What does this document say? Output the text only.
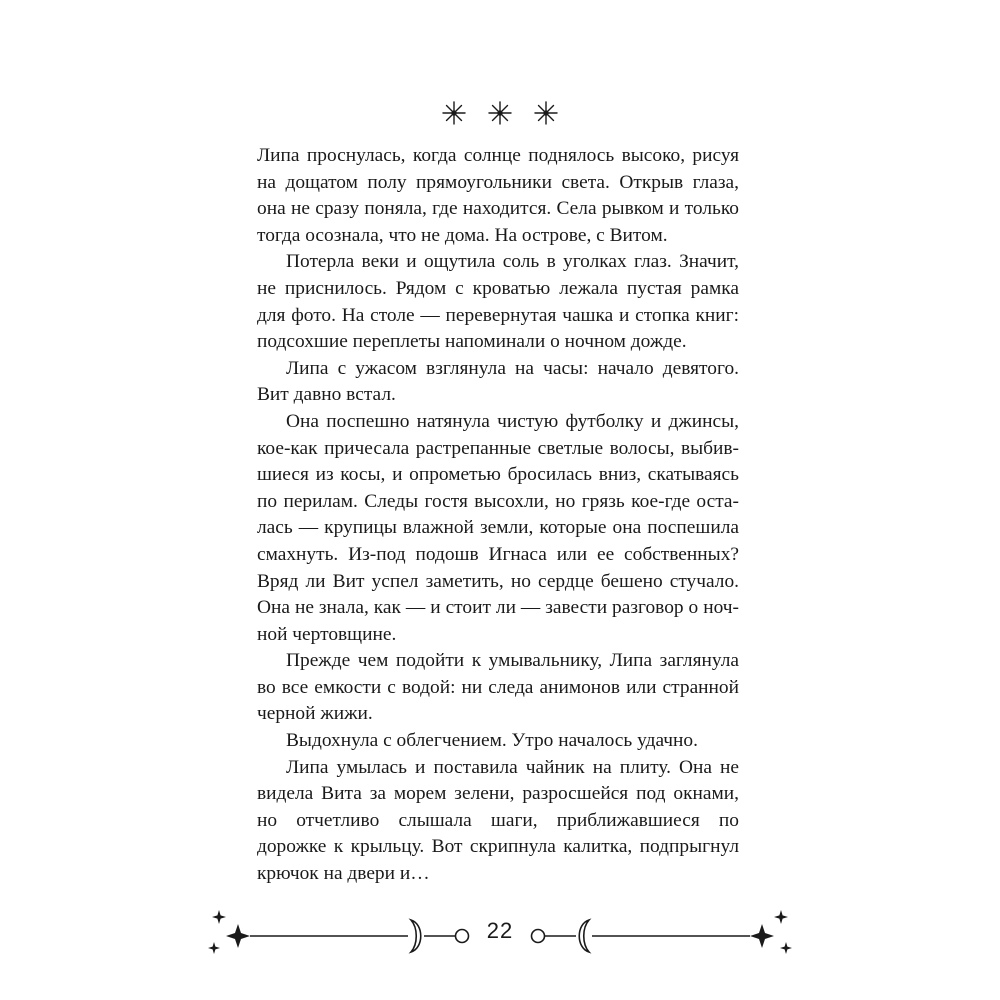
Липа проснулась, когда солнце поднялось высоко, рисуя на дощатом полу прямоугольники света. Открыв глаза, она не сразу поняла, где находится. Села рывком и только тогда осознала, что не дома. На острове, с Витом.

Потерла веки и ощутила соль в уголках глаз. Значит, не приснилось. Рядом с кроватью лежала пустая рамка для фото. На столе — перевернутая чашка и стопка книг: подсохшие переплеты напоминали о ночном дожде.

Липа с ужасом взглянула на часы: начало девятого. Вит давно встал.

Она поспешно натянула чистую футболку и джинсы, кое-как причесала растрепанные светлые волосы, выбившиеся из косы, и опрометью бросилась вниз, скатываясь по перилам. Следы гостя высохли, но грязь кое-где осталась — крупицы влажной земли, которые она поспешила смахнуть. Из-под подошв Игнаса или ее собственных? Вряд ли Вит успел заметить, но сердце бешено стучало. Она не знала, как — и стоит ли — завести разговор о ночной чертовщине.

Прежде чем подойти к умывальнику, Липа заглянула во все емкости с водой: ни следа анимонов или странной черной жижи.

Выдохнула с облегчением. Утро началось удачно.

Липа умылась и поставила чайник на плиту. Она не видела Вита за морем зелени, разросшейся под окнами, но отчетливо слышала шаги, приближавшиеся по дорожке к крыльцу. Вот скрипнула калитка, подпрыгнул крючок на двери и…

22
